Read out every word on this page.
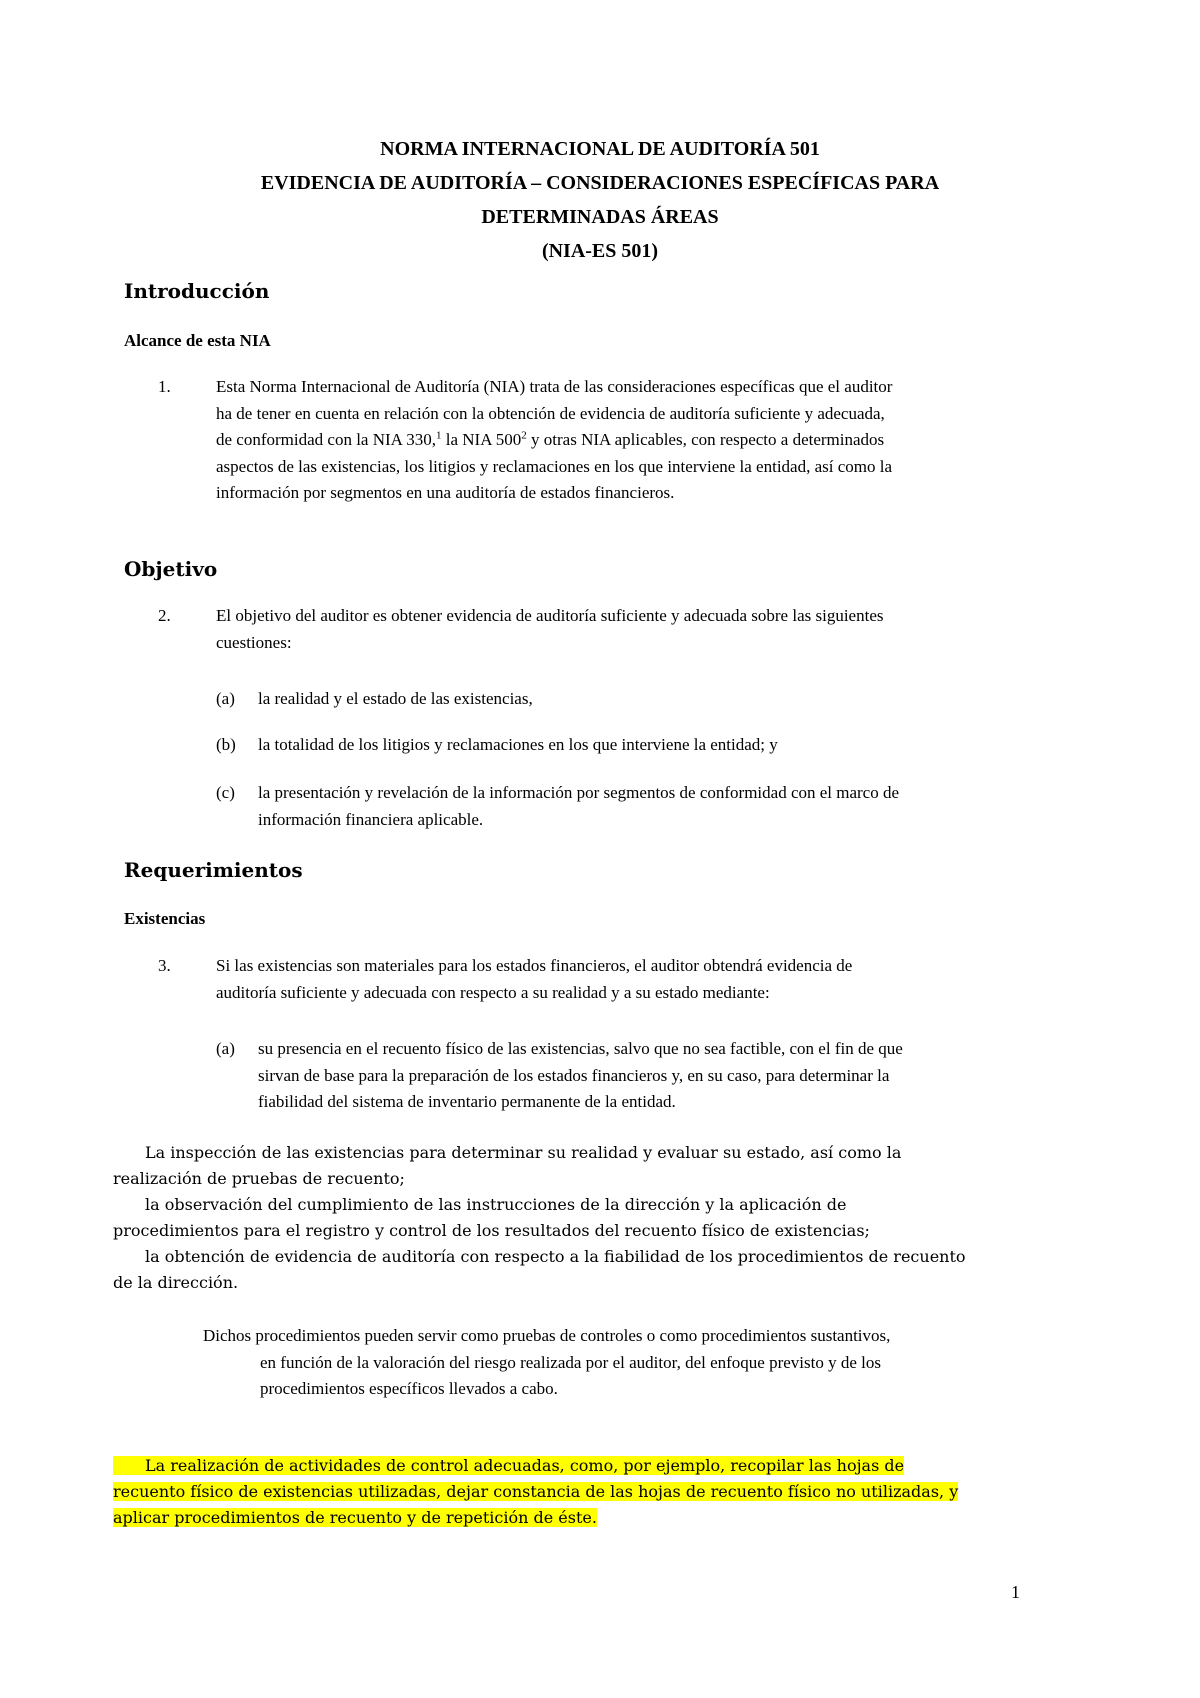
NORMA INTERNACIONAL DE AUDITORÍA 501
EVIDENCIA DE AUDITORÍA – CONSIDERACIONES ESPECÍFICAS PARA
DETERMINADAS ÁREAS
(NIA-ES 501)
Introducción
Alcance de esta NIA
1.	Esta Norma Internacional de Auditoría (NIA) trata de las consideraciones específicas que el auditor
ha de tener en cuenta en relación con la obtención de evidencia de auditoría suficiente y adecuada,
de conformidad con la NIA 330,$^1$ la NIA $500^2$ y otras NIA aplicables, con respecto a determinados
aspectos de las existencias, los litigios y reclamaciones en los que interviene la entidad, así como la
información por segmentos en una auditoría de estados financieros.
Objetivo
2.	El objetivo del auditor es obtener evidencia de auditoría suficiente y adecuada sobre las siguientes
cuestiones:
(a) la realidad y el estado de las existencias,
(b) la totalidad de los litigios y reclamaciones en los que interviene la entidad; y
(c) la presentación y revelación de la información por segmentos de conformidad con el marco de
información financiera aplicable.
Requerimientos
Existencias
3.	Si las existencias son materiales para los estados financieros, el auditor obtendrá evidencia de
auditoría suficiente y adecuada con respecto a su realidad y a su estado mediante:
(a) su presencia en el recuento físico de las existencias, salvo que no sea factible, con el fin de que
sirvan de base para la preparación de los estados financieros y, en su caso, para determinar la
fiabilidad del sistema de inventario permanente de la entidad.
La inspección de las existencias para determinar su realidad y evaluar su estado, así como la
realización de pruebas de recuento;
la observación del cumplimiento de las instrucciones de la dirección y la aplicación de
procedimientos para el registro y control de los resultados del recuento físico de existencias;
la obtención de evidencia de auditoría con respecto a la fiabilidad de los procedimientos de recuento
de la dirección.
Dichos procedimientos pueden servir como pruebas de controles o como procedimientos sustantivos,
en función de la valoración del riesgo realizada por el auditor, del enfoque previsto y de los
procedimientos específicos llevados a cabo.
La realización de actividades de control adecuadas, como, por ejemplo, recopilar las hojas de
recuento físico de existencias utilizadas, dejar constancia de las hojas de recuento físico no utilizadas, y
aplicar procedimientos de recuento y de repetición de éste.
1
